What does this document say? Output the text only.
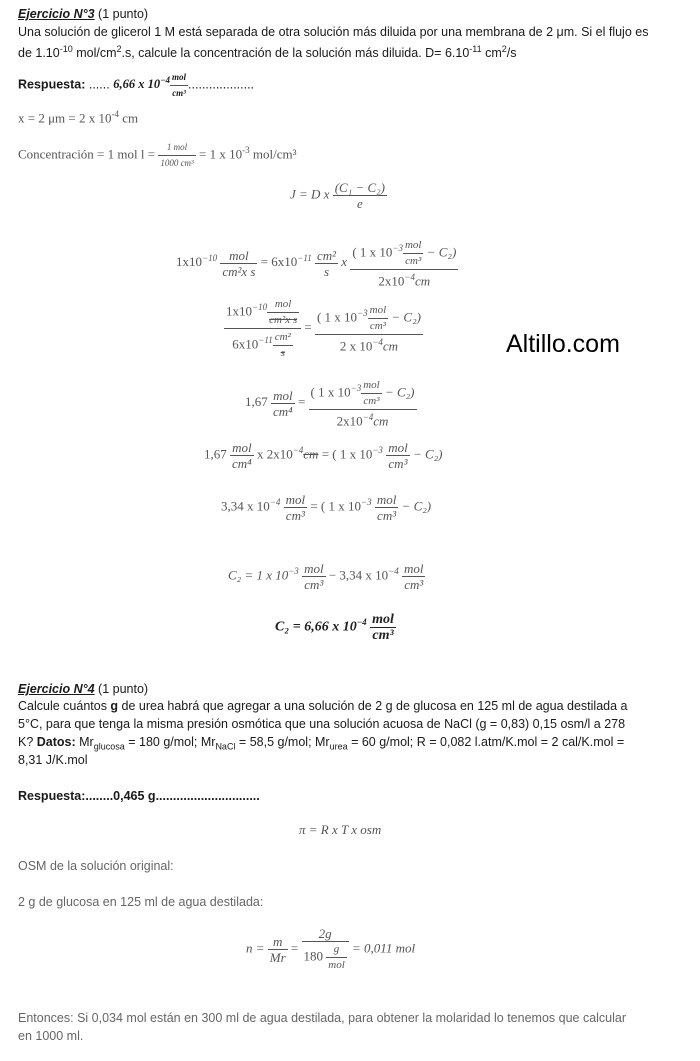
Ejercicio N°3 (1 punto)
Una solución de glicerol 1 M está separada de otra solución más diluida por una membrana de 2 μm. Si el flujo es
de $1.10^{-10}$ mol/$cm^2.s$, calcule la concentración de la solución más diluida. $D= 6.10^{-11}$ $cm^2/s$
Respuesta: ...... 6,66 x $10^{-4} \frac{\text{mol}}{\text{cm³}}$ ...................
x = 2 μm = 2 x $10^{-4}$ cm
Concentración = 1 mol $l = \frac{\text{1 mol}}{\text{1000 cm³}} = 1$ x $10^{-3}$ mol/cm³
J = D x $\frac{\text{(C₁ − C₂)}}{e}$
$1x10^{-10} \frac{\text{mol}}{\text{cm²x s}} = 6x10^{-11} \frac{\text{cm²}}{s}$ x $\frac{( 1 x 10^{-3} \frac{\text{mol}}{\text{cm³}} - C_2)}{2x10^{-4}cm}$
$\frac{1x10^{-10} \frac{\text{mol}}{\text{cm²x s}}}{6x10^{-11} \frac{\text{cm²}}{s}} = \frac{( 1 x 10^{-3} \frac{\text{mol}}{\text{cm³}} - C_2)}{2 x 10^{-4}cm}$
$1,67 \frac{\text{mol}}{\text{cm⁴}} = \frac{( 1 x 10^{-3} \frac{\text{mol}}{\text{cm³}} - C_2)}{2x10^{-4}cm}$
$1,67 \frac{\text{mol}}{\text{cm⁴}}$ x $2x10^{-4}cm$ = ( 1 x $10^{-3} \frac{\text{mol}}{\text{cm³}} - C_2$)
3,34 x $10^{-4} \frac{\text{mol}}{\text{cm³}}$ = ( 1 x $10^{-3} \frac{\text{mol}}{\text{cm³}} - C_2$)
C₂ = 1 x $10^{-3} \frac{\text{mol}}{\text{cm³}} - 3,34$ x $10^{-4} \frac{\text{mol}}{\text{cm³}}$
C₂ = 6,66 x $10^{-4} \frac{\text{mol}}{\text{cm³}}$
Altillo.com
Ejercicio N°4 (1 punto)
Calcule cuántos g de urea habrá que agregar a una solución de 2 g de glucosa en 125 ml de agua destilada a
5°C, para que tenga la misma presión osmótica que una solución acuosa de NaCl (g = 0,83) 0,15 osm/l a 278
K? Datos: $Mr_{glucosa} = 180$ g/mol; $Mr_{NaCl} = 58,5$ g/mol; $Mr_{urea} = 60$ g/mol; R = 0,082 l.atm/K.mol = 2 cal/K.mol =
8,31 J/K.mol
Respuesta:........0,465 g..............................
π = R x T x osm
OSM de la solución original:
2 g de glucosa en 125 ml de agua destilada:
$n = \frac{m}{Mr} = \frac{2g}{180 \frac{g}{\text{mol}}} = 0,011$ mol
Entonces: Si 0,034 mol están en 300 ml de agua destilada, para obtener la molaridad lo tenemos que calcular
en 1000 ml.
